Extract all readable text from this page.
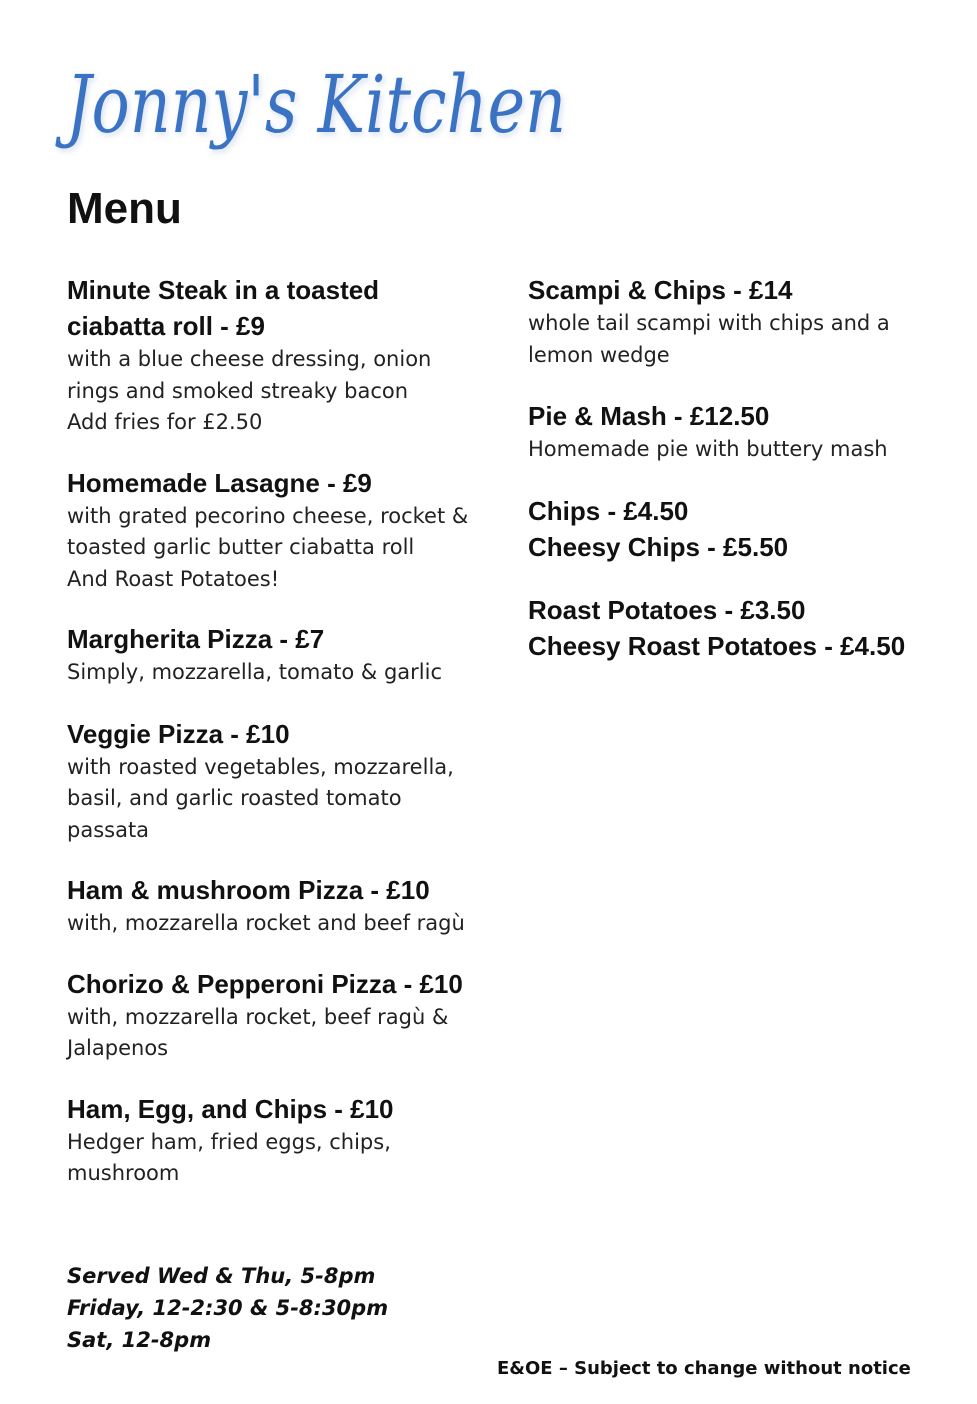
Jonny's Kitchen
Menu
Minute Steak in a toasted
ciabatta roll - £9
with a blue cheese dressing, onion
rings and smoked streaky bacon
Add fries for £2.50
Homemade Lasagne - £9
with grated pecorino cheese, rocket &
toasted garlic butter ciabatta roll
And Roast Potatoes!
Margherita Pizza - £7
Simply, mozzarella, tomato & garlic
Veggie Pizza - £10
with roasted vegetables, mozzarella,
basil, and garlic roasted tomato
passata
Ham & mushroom Pizza - £10
with, mozzarella rocket and beef ragù
Chorizo & Pepperoni Pizza - £10
with, mozzarella rocket, beef ragù &
Jalapenos
Ham, Egg, and Chips - £10
Hedger ham, fried eggs, chips,
mushroom
Scampi & Chips - £14
whole tail scampi with chips and a
lemon wedge
Pie & Mash - £12.50
Homemade pie with buttery mash
Chips - £4.50
Cheesy Chips - £5.50
Roast Potatoes - £3.50
Cheesy Roast Potatoes - £4.50
Served Wed & Thu, 5-8pm
Friday, 12-2:30 & 5-8:30pm
Sat, 12-8pm
E&OE – Subject to change without notice
